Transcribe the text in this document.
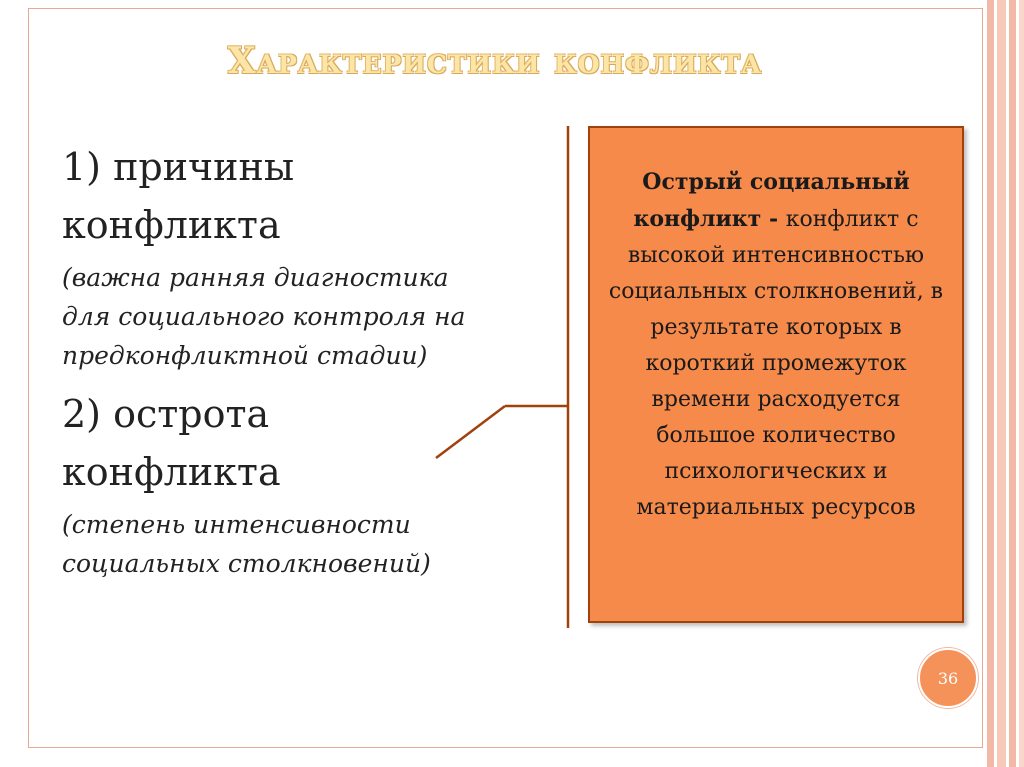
Характеристики конфликта

1) причины
конфликта

(важна ранняя диагностика
для социального контроля на
предконфликтной стадии)

2) острота
конфликта

(степень интенсивности
социальных столкновений)

Острый социальный конфликт - конфликт с высокой интенсивностью социальных столкновений, в результате которых в короткий промежуток времени расходуется большое количество психологических и материальных ресурсов
36
